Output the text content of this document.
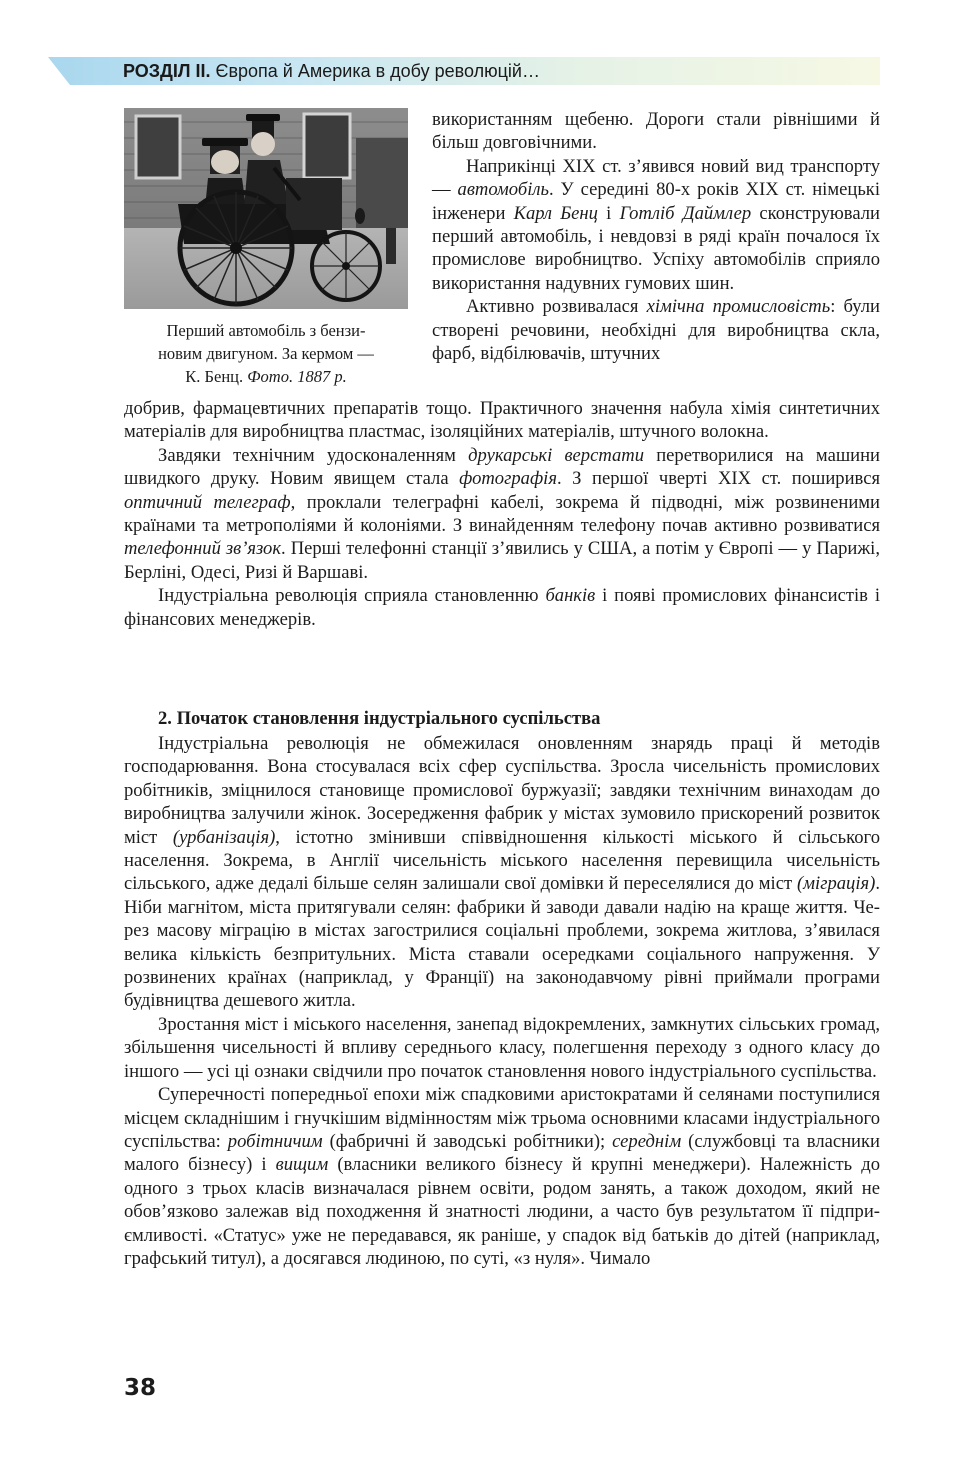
РОЗДІЛ ІІ. Європа й Америка в добу революцій…
Перший автомобіль з бензи-
новим двигуном. За кермом —
К. Бенц. Фото. 1887 р.

використанням щебеню. Дороги стали рівнішими й більш довговічними.

Наприкінці XIX ст. з’явився новий вид транспорту — автомобіль. У середині 80-х років XIX ст. німецькі інженери Карл Бенц і Готліб Даймлер сконструювали перший автомобіль, і невдовзі в ряді країн почалося їх промислове виробництво. Успіху автомобілів сприяло використання надувних гумових шин.

Активно розвивалася хімічна промисловість: були створені речовини, необхідні для виробництва скла, фарб, відбілювачів, штучних

добрив, фармацевтичних препаратів тощо. Практичного значення набула хімія синтетичних матеріалів для виробництва пластмас, ізоляційних матеріалів, штучного волокна.

Завдяки технічним удосконаленням друкарські верстати перетворилися на машини швидкого друку. Новим явищем стала фотографія. З першої чверті XIX ст. поширився оптичний телеграф, проклали телеграфні кабелі, зокрема й підводні, між розвиненими країнами та метрополіями й колоніями. З винайденням телефону почав активно розвиватися телефонний зв’язок. Перші телефонні станції з’явились у США, а потім у Європі — у Парижі, Берліні, Одесі, Ризі й Варшаві.

Індустріальна революція сприяла становленню банків і появі промислових фінансистів і фінансових менеджерів.

2. Початок становлення індустріального суспільства

Індустріальна революція не обмежилася оновленням знарядь праці й методів господарювання. Вона стосувалася всіх сфер суспільства. Зросла чисельність промислових робітників, зміцнилося становище промислової буржуазії; завдяки технічним винаходам до виробництва залучили жінок. Зосередження фабрик у містах зумовило прискорений розвиток міст (урбанізація), істотно змінивши співвідношення кількості міського й сільського населення. Зокрема, в Англії чисельність міського населення перевищила чисельність сільського, адже дедалі більше селян залишали свої домівки й переселялися до міст (міграція). Ніби магнітом, міста притягували селян: фабрики й заводи давали надію на краще життя. Через масову міграцію в містах загострилися соціальні проблеми, зокрема житлова, з’явилася велика кількість безпритульних. Міста ставали осередками соціального напруження. У розвинених країнах (наприклад, у Франції) на законодавчому рівні приймали програми будівництва дешевого житла.

Зростання міст і міського населення, занепад відокремлених, замкнутих сільських громад, збільшення чисельності й впливу середнього класу, полегшення переходу з одного класу до іншого — усі ці ознаки свідчили про початок становлення нового індустріального суспільства.

Суперечності попередньої епохи між спадковими аристократами й селянами поступилися місцем складнішим і гнучкішим відмінностям між трьома основними класами індустріального суспільства: робітничим (фабричні й заводські робітники); середнім (службовці та власники малого бізнесу) і вищим (власники великого бізнесу й крупні менеджери). Належність до одного з трьох класів визначалася рівнем освіти, родом занять, а також доходом, який не обов’язково залежав від походження й знатності людини, а часто був результатом її підприємливості. «Статус» уже не передавався, як раніше, у спадок від батьків до дітей (наприклад, графський титул), а досягався людиною, по суті, «з нуля». Чимало

38
